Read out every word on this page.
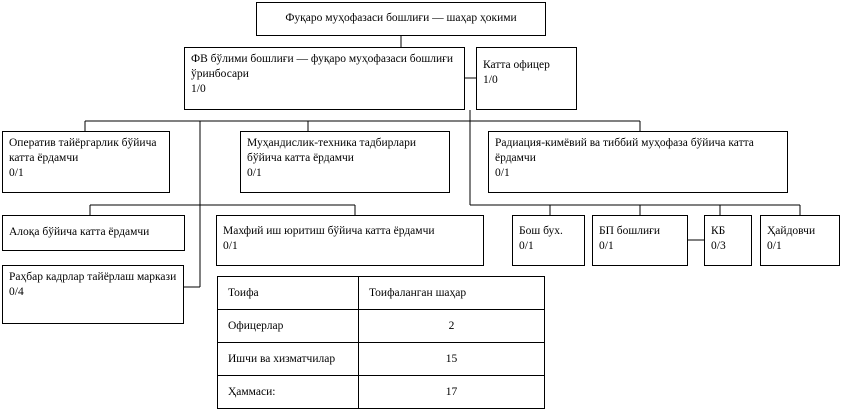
Фуқаро муҳофазаси бошлиғи — шаҳар ҳокими
ФВ бўлими бошлиғи — фуқаро муҳофазаси бошлиғи ўринбосари
1/0
Катта офицер
1/0
Оператив тайёргарлик бўйича катта ёрдамчи
0/1
Муҳандислик-техника тадбирлари бўйича катта ёрдамчи
0/1
Радиация-кимёвий ва тиббий муҳофаза бўйича катта ёрдамчи
0/1
Алоқа бўйича катта ёрдамчи	Махфий иш юритиш бўйича катта ёрдамчи
0/1
Бош бух.
0/1
БП бошлиғи
0/1
КБ
0/3
Ҳайдовчи
0/1
Раҳбар кадрлар тайёрлаш маркази
0/4	Тоифа	Тоифаланган шаҳар
Офицерлар	2
Ишчи ва хизматчилар	15
Ҳаммаси:	17
